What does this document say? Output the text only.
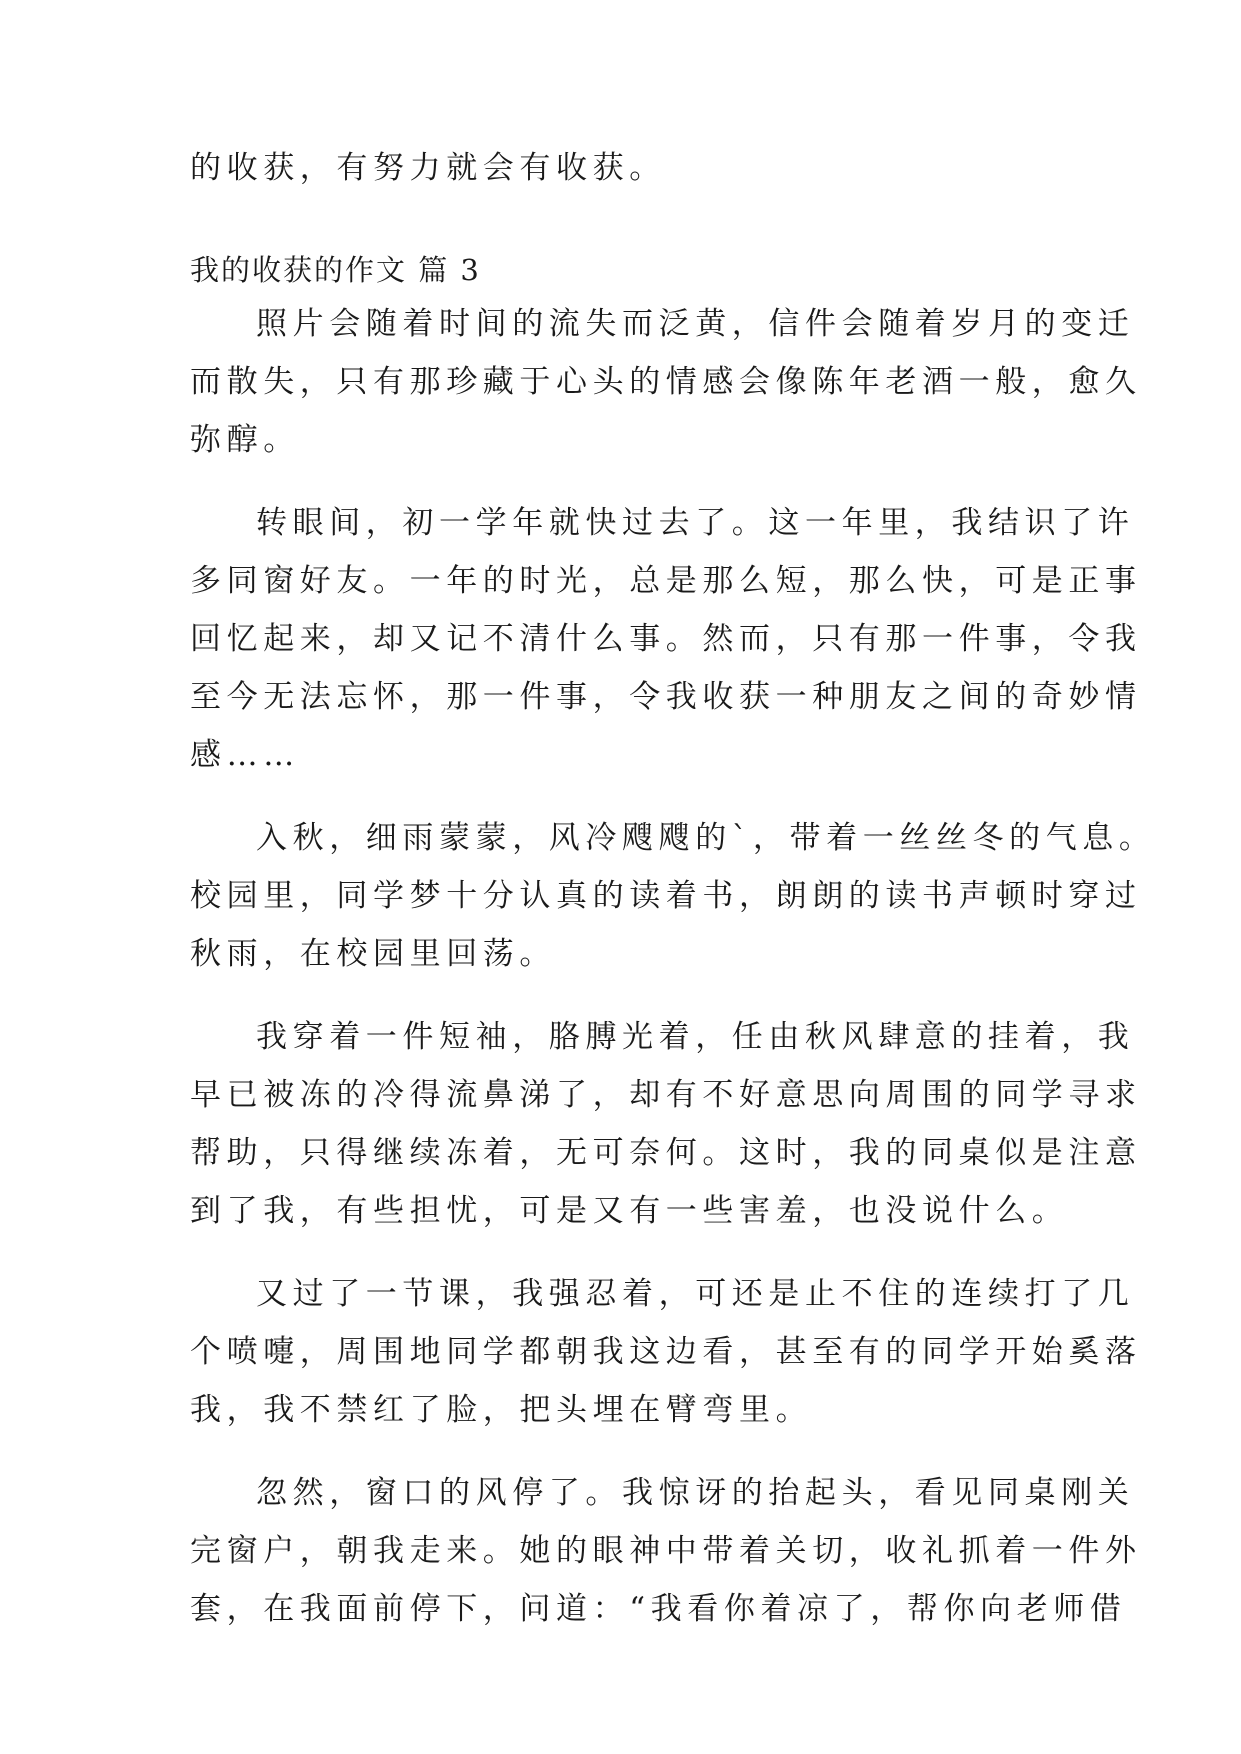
的收获，有努力就会有收获。
我的收获的作文 篇 3
照片会随着时间的流失而泛黄，信件会随着岁月的变迁
而散失，只有那珍藏于心头的情感会像陈年老酒一般，愈久
弥醇。
转眼间，初一学年就快过去了。这一年里，我结识了许
多同窗好友。一年的时光，总是那么短，那么快，可是正事
回忆起来，却又记不清什么事。然而，只有那一件事，令我
至今无法忘怀，那一件事，令我收获一种朋友之间的奇妙情
感……
入秋，细雨蒙蒙，风冷飕飕的`，带着一丝丝冬的气息。
校园里，同学梦十分认真的读着书，朗朗的读书声顿时穿过
秋雨，在校园里回荡。
我穿着一件短袖，胳膊光着，任由秋风肆意的挂着，我
早已被冻的冷得流鼻涕了，却有不好意思向周围的同学寻求
帮助，只得继续冻着，无可奈何。这时，我的同桌似是注意
到了我，有些担忧，可是又有一些害羞，也没说什么。
又过了一节课，我强忍着，可还是止不住的连续打了几
个喷嚏，周围地同学都朝我这边看，甚至有的同学开始奚落
我，我不禁红了脸，把头埋在臂弯里。
忽然，窗口的风停了。我惊讶的抬起头，看见同桌刚关
完窗户，朝我走来。她的眼神中带着关切，收礼抓着一件外
套，在我面前停下，问道：“我看你着凉了，帮你向老师借
